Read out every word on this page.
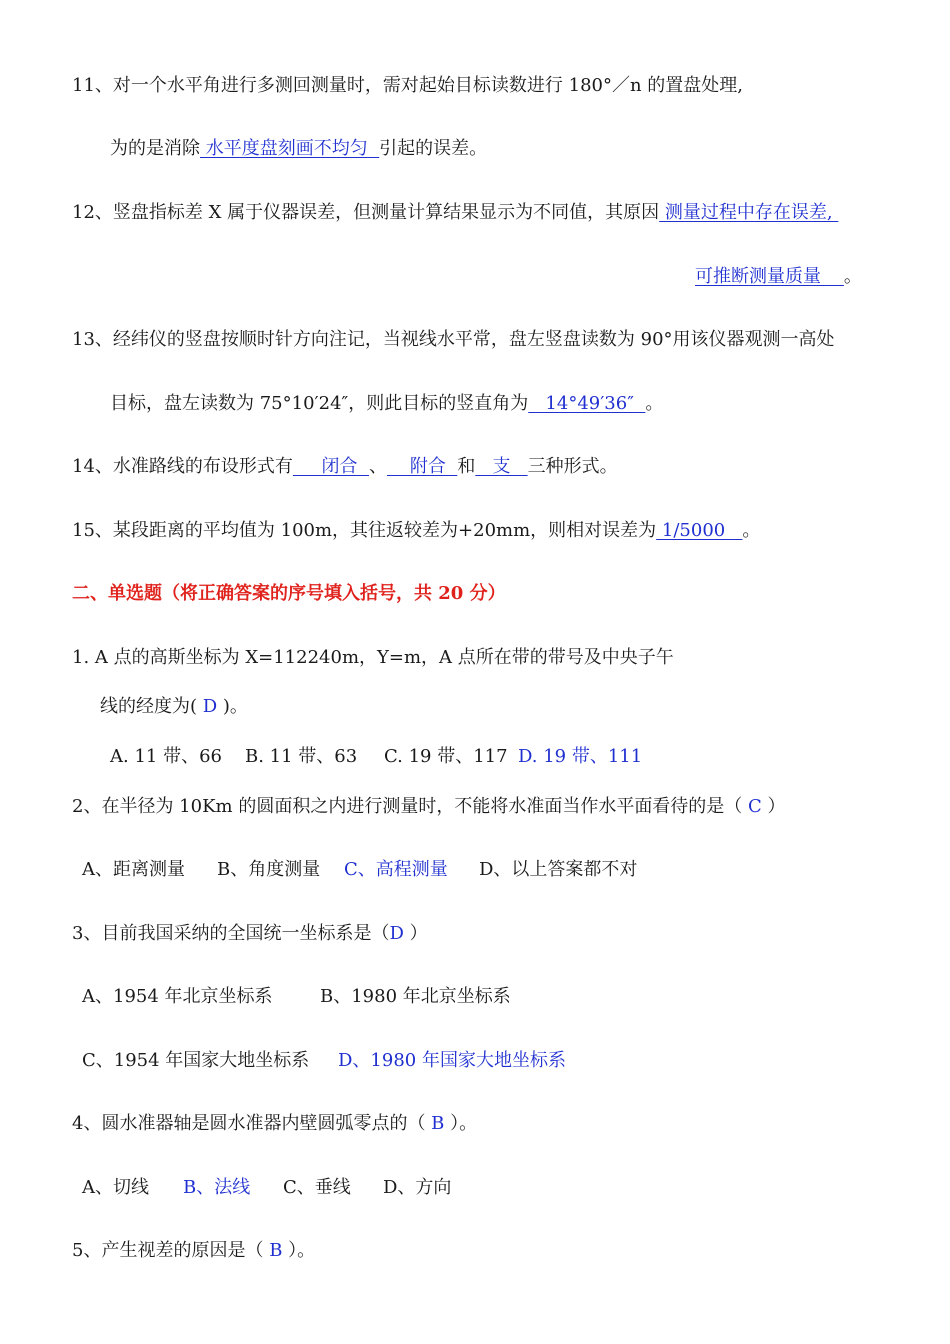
11、对一个水平角进行多测回测量时，需对起始目标读数进行 180°／n 的置盘处理,
为的是消除 水平度盘刻画不均匀  引起的误差。
12、竖盘指标差 X 属于仪器误差，但测量计算结果显示为不同值，其原因 测量过程中存在误差,
可推断测量质量    。
13、经纬仪的竖盘按顺时针方向注记，当视线水平常，盘左竖盘读数为 90°用该仪器观测一高处
目标，盘左读数为 75°10′24″，则此目标的竖直角为   14°49′36″  。
14、水准路线的布设形式有     闭合  、    附合  和   支   三种形式。
15、某段距离的平均值为 100m，其往返较差为+20mm，则相对误差为 1/5000   。
二、单选题（将正确答案的序号填入括号，共 20 分）
1. A 点的高斯坐标为 X=112240m，Y=m，A 点所在带的带号及中央子午
线的经度为( D )。
A. 11 带、66 B. 11 带、63 C. 19 带、117 D. 19 带、111
2、在半径为 10Km 的圆面积之内进行测量时，不能将水准面当作水平面看待的是（ C ）
A、距离测量 B、角度测量 C、高程测量 D、以上答案都不对
3、目前我国采纳的全国统一坐标系是（D ）
A、1954 年北京坐标系	B、1980 年北京坐标系
C、1954 年国家大地坐标系 D、1980 年国家大地坐标系
4、圆水准器轴是圆水准器内壁圆弧零点的（ B ）。
A、切线 B、法线 C、垂线 D、方向
5、产生视差的原因是（ B ）。
